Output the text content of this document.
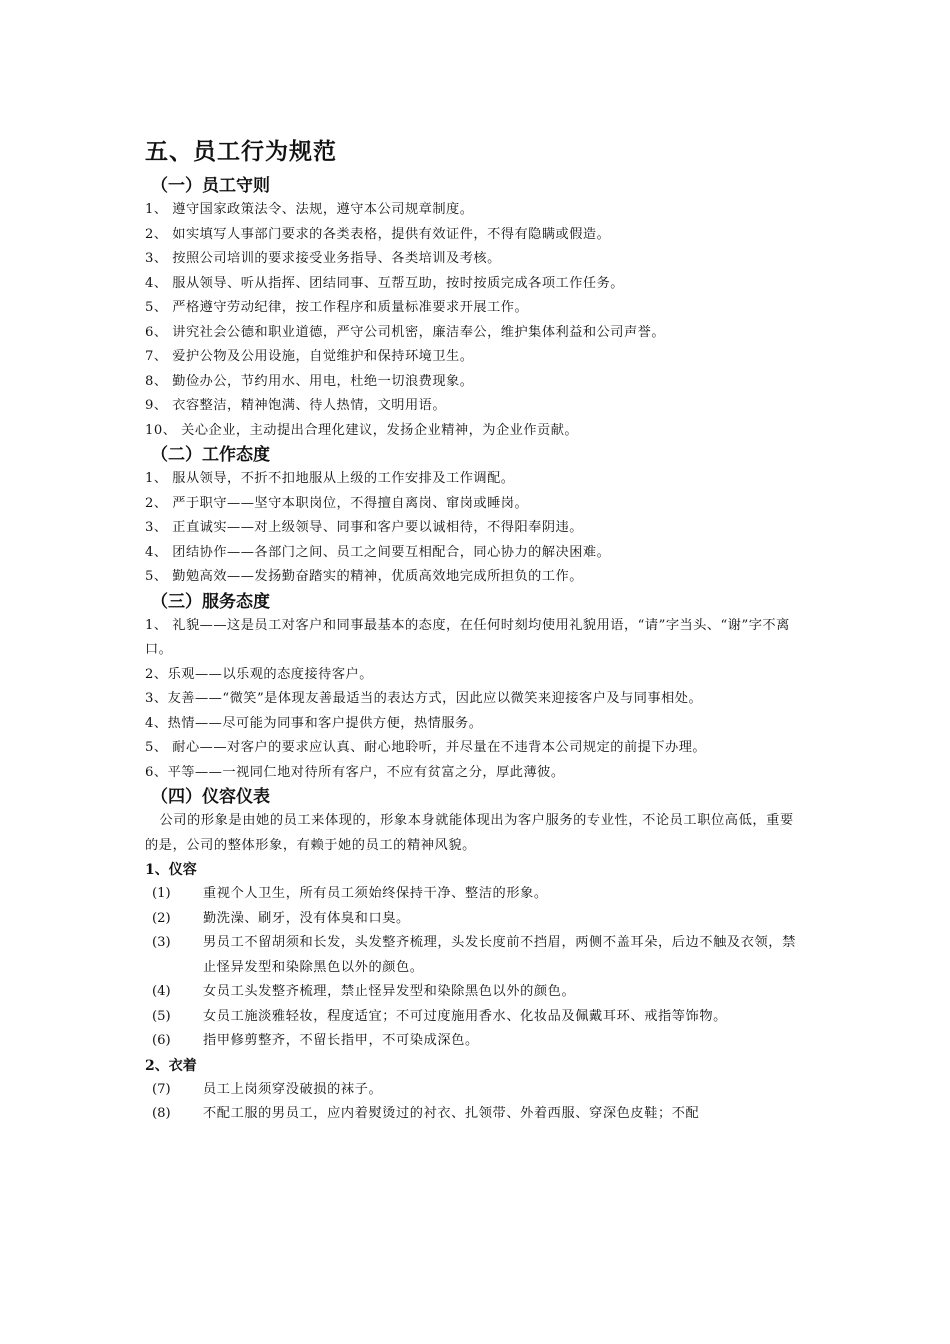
五、员工行为规范
（一）员工守则
1、 遵守国家政策法令、法规，遵守本公司规章制度。
2、 如实填写人事部门要求的各类表格，提供有效证件，不得有隐瞒或假造。
3、 按照公司培训的要求接受业务指导、各类培训及考核。
4、 服从领导、听从指挥、团结同事、互帮互助，按时按质完成各项工作任务。
5、 严格遵守劳动纪律，按工作程序和质量标准要求开展工作。
6、 讲究社会公德和职业道德，严守公司机密，廉洁奉公，维护集体利益和公司声誉。
7、 爱护公物及公用设施，自觉维护和保持环境卫生。
8、 勤俭办公，节约用水、用电，杜绝一切浪费现象。
9、 衣容整洁，精神饱满、待人热情，文明用语。
10、 关心企业，主动提出合理化建议，发扬企业精神，为企业作贡献。
（二）工作态度
1、 服从领导，不折不扣地服从上级的工作安排及工作调配。
2、 严于职守——坚守本职岗位，不得擅自离岗、窜岗或睡岗。
3、 正直诚实——对上级领导、同事和客户要以诚相待，不得阳奉阴违。
4、 团结协作——各部门之间、员工之间要互相配合，同心协力的解决困难。
5、 勤勉高效——发扬勤奋踏实的精神，优质高效地完成所担负的工作。
（三）服务态度
1、 礼貌——这是员工对客户和同事最基本的态度，在任何时刻均使用礼貌用语，“请”字当头、“谢”字不离口。
2、乐观——以乐观的态度接待客户。
3、友善——“微笑”是体现友善最适当的表达方式，因此应以微笑来迎接客户及与同事相处。
4、热情——尽可能为同事和客户提供方便，热情服务。
5、 耐心——对客户的要求应认真、耐心地聆听，并尽量在不违背本公司规定的前提下办理。
6、平等——一视同仁地对待所有客户，不应有贫富之分，厚此薄彼。
（四）仪容仪表
公司的形象是由她的员工来体现的，形象本身就能体现出为客户服务的专业性，不论员工职位高低，重要的是，公司的整体形象，有赖于她的员工的精神风貌。
1、仪容
(1)	重视个人卫生，所有员工须始终保持干净、整洁的形象。
(2)	勤洗澡、刷牙，没有体臭和口臭。
(3)	男员工不留胡须和长发，头发整齐梳理，头发长度前不挡眉，两侧不盖耳朵，后边不触及衣领，禁止怪异发型和染除黑色以外的颜色。
(4)	女员工头发整齐梳理，禁止怪异发型和染除黑色以外的颜色。
(5)	女员工施淡雅轻妆，程度适宜；不可过度施用香水、化妆品及佩戴耳环、戒指等饰物。
(6)	指甲修剪整齐，不留长指甲，不可染成深色。
2、衣着
(7)	员工上岗须穿没破损的袜子。
(8)	不配工服的男员工，应内着熨烫过的衬衣、扎领带、外着西服、穿深色皮鞋；不配
